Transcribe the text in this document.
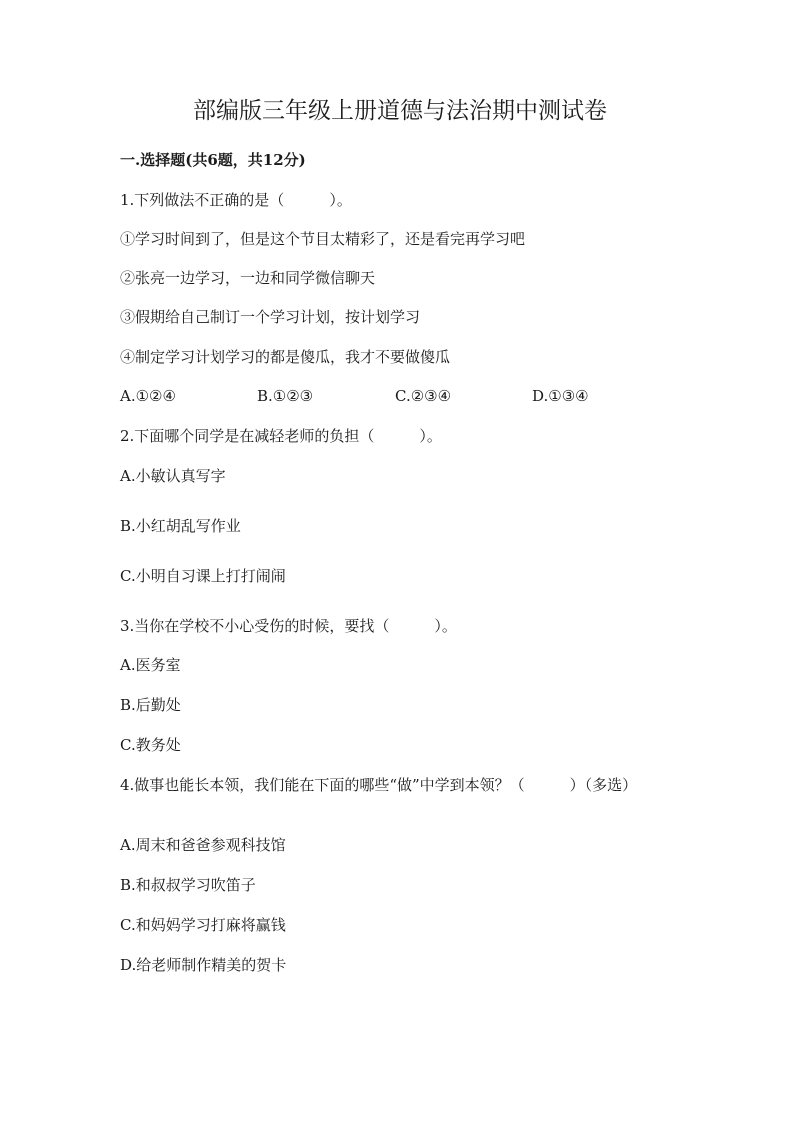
部编版三年级上册道德与法治期中测试卷
一.选择题(共6题，共12分)
1.下列做法不正确的是（　　　）。
①学习时间到了，但是这个节目太精彩了，还是看完再学习吧
②张亮一边学习，一边和同学微信聊天
③假期给自己制订一个学习计划，按计划学习
④制定学习计划学习的都是傻瓜，我才不要做傻瓜
A.①②④	B.①②③	C.②③④	D.①③④
2.下面哪个同学是在减轻老师的负担（　　　）。
A.小敏认真写字
B.小红胡乱写作业
C.小明自习课上打打闹闹
3.当你在学校不小心受伤的时候，要找（　　　）。
A.医务室
B.后勤处
C.教务处
4.做事也能长本领，我们能在下面的哪些“做”中学到本领？（　　　）（多选）
A.周末和爸爸参观科技馆
B.和叔叔学习吹笛子
C.和妈妈学习打麻将赢钱
D.给老师制作精美的贺卡
